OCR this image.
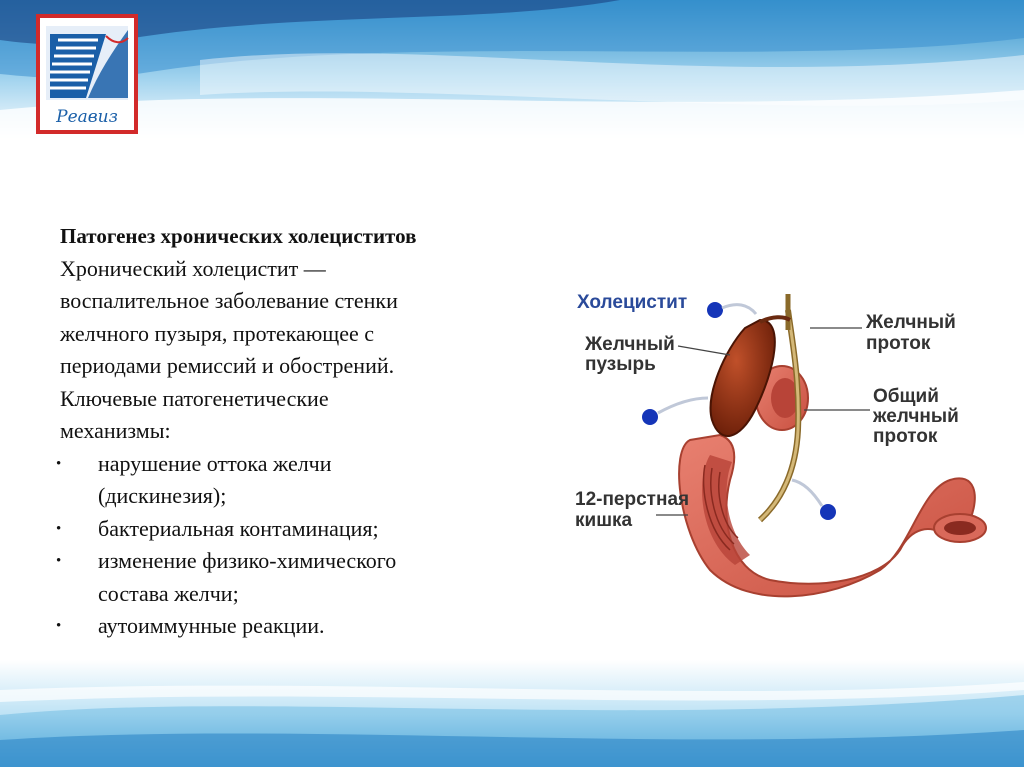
Реавиз

Патогенез хронических холециститов

Хронический холецистит —

воспалительное заболевание стенки

желчного пузыря, протекающее с

периодами ремиссий и обострений.

Ключевые патогенетические

механизмы:

• нарушение оттока желчи
(дискинезия);
• бактериальная контаминация;
• изменение физико-химического
состава желчи;
• аутоиммунные реакции.
Холецистит
Желчный
пузырь
Желчный
проток
Общий
желчный
проток
12-перстная
кишка
